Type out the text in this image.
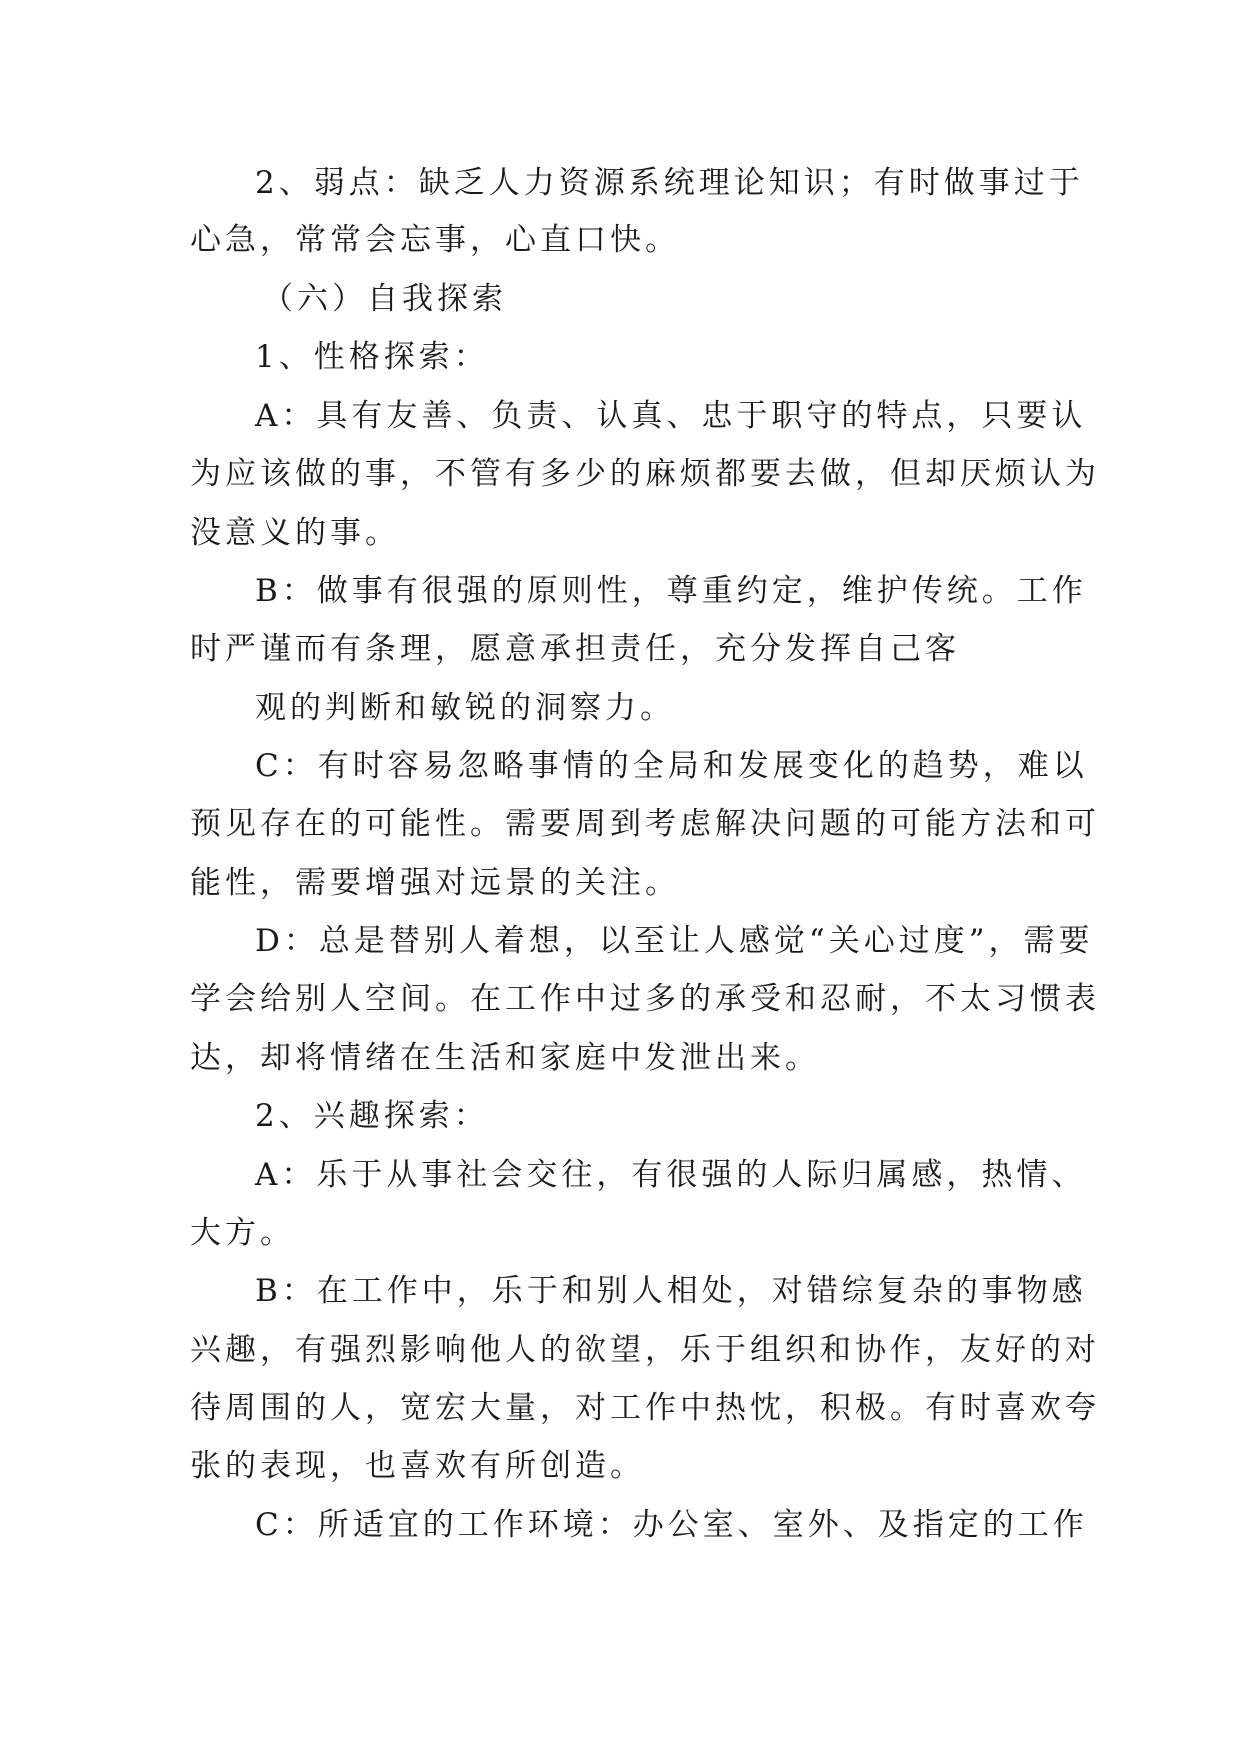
2、弱点：缺乏人力资源系统理论知识；有时做事过于
心急，常常会忘事，心直口快。
（六）自我探索
1、性格探索：
A：具有友善、负责、认真、忠于职守的特点，只要认
为应该做的事，不管有多少的麻烦都要去做，但却厌烦认为
没意义的事。
B：做事有很强的原则性，尊重约定，维护传统。工作
时严谨而有条理，愿意承担责任，充分发挥自己客
观的判断和敏锐的洞察力。
C：有时容易忽略事情的全局和发展变化的趋势，难以
预见存在的可能性。需要周到考虑解决问题的可能方法和可
能性，需要增强对远景的关注。
D：总是替别人着想，以至让人感觉“关心过度”，需要
学会给别人空间。在工作中过多的承受和忍耐，不太习惯表
达，却将情绪在生活和家庭中发泄出来。
2、兴趣探索：
A：乐于从事社会交往，有很强的人际归属感，热情、
大方。
B：在工作中，乐于和别人相处，对错综复杂的事物感
兴趣，有强烈影响他人的欲望，乐于组织和协作，友好的对
待周围的人，宽宏大量，对工作中热忱，积极。有时喜欢夸
张的表现，也喜欢有所创造。
C：所适宜的工作环境：办公室、室外、及指定的工作
